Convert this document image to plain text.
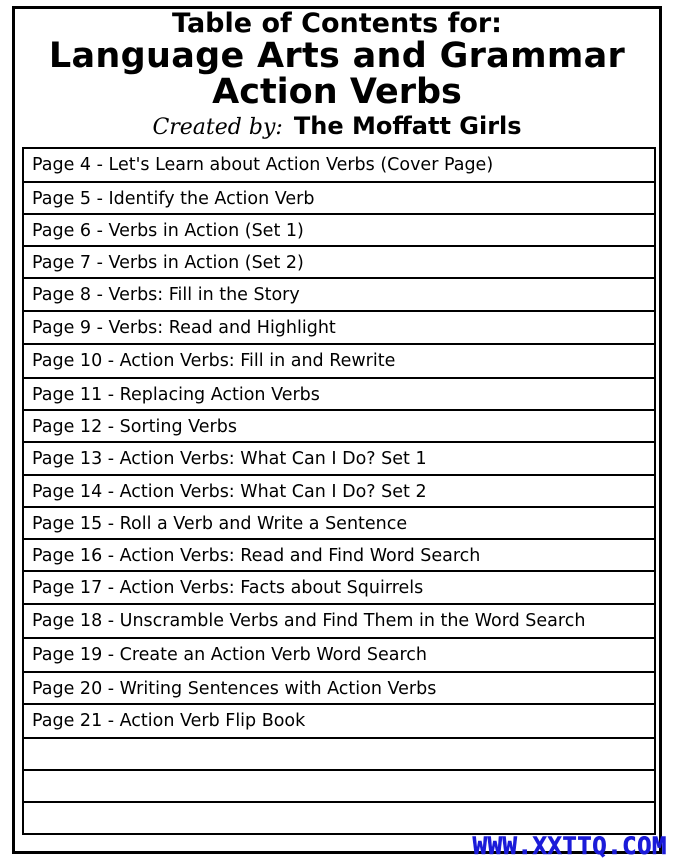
Table of Contents for:
Language Arts and Grammar
Action Verbs
Created by: The Moffatt Girls
Page 4 - Let's Learn about Action Verbs (Cover Page)
Page 5 - Identify the Action Verb
Page 6 - Verbs in Action (Set 1)
Page 7 - Verbs in Action (Set 2)
Page 8 - Verbs: Fill in the Story
Page 9 - Verbs: Read and Highlight
Page 10 - Action Verbs: Fill in and Rewrite
Page 11 - Replacing Action Verbs
Page 12 - Sorting Verbs
Page 13 - Action Verbs: What Can I Do? Set 1
Page 14 - Action Verbs: What Can I Do? Set 2
Page 15 - Roll a Verb and Write a Sentence
Page 16 - Action Verbs: Read and Find Word Search
Page 17 - Action Verbs: Facts about Squirrels
Page 18 - Unscramble Verbs and Find Them in the Word Search
Page 19 - Create an Action Verb Word Search
Page 20 - Writing Sentences with Action Verbs
Page 21 - Action Verb Flip Book
WWW.XXTTQ.COM
